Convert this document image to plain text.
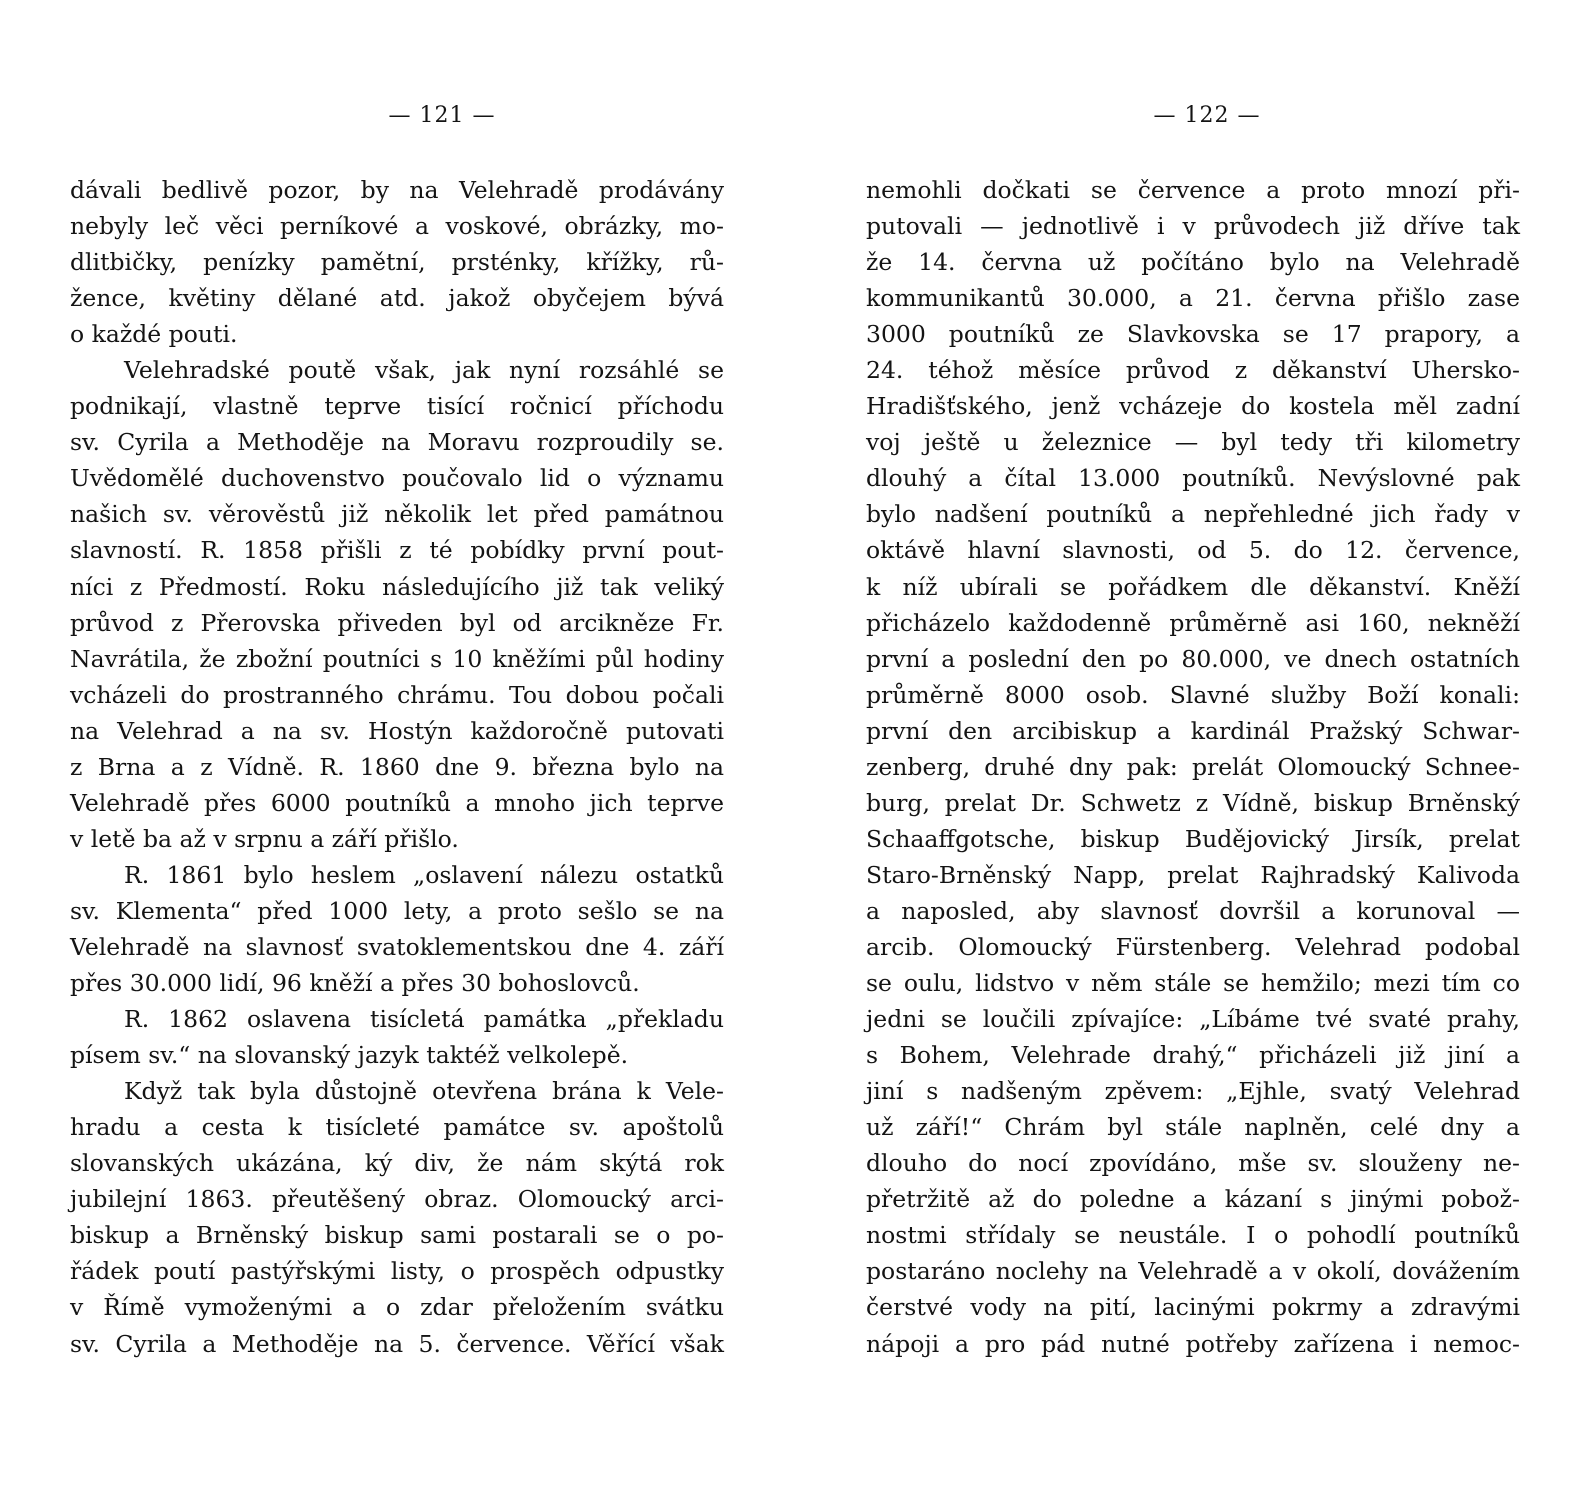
— 121 —
dávali bedlivě pozor, by na Velehradě prodávány
nebyly leč věci perníkové a voskové, obrázky, mo-
dlitbičky, penízky pamětní, prsténky, křížky, rů-
žence, květiny dělané atd. jakož obyčejem bývá
o každé pouti.
Velehradské poutě však, jak nyní rozsáhlé se
podnikají, vlastně teprve tisící ročnicí příchodu
sv. Cyrila a Methoděje na Moravu rozproudily se.
Uvědomělé duchovenstvo poučovalo lid o významu
našich sv. věrověstů již několik let před památnou
slavností. R. 1858 přišli z té pobídky první pout-
níci z Předmostí. Roku následujícího již tak veliký
průvod z Přerovska přiveden byl od arcikněze Fr.
Navrátila, že zbožní poutníci s 10 kněžími půl hodiny
vcházeli do prostranného chrámu. Tou dobou počali
na Velehrad a na sv. Hostýn každoročně putovati
z Brna a z Vídně. R. 1860 dne 9. března bylo na
Velehradě přes 6000 poutníků a mnoho jich teprve
v letě ba až v srpnu a září přišlo.
R. 1861 bylo heslem „oslavení nálezu ostatků
sv. Klementa“ před 1000 lety, a proto sešlo se na
Velehradě na slavnosť svatoklementskou dne 4. září
přes 30.000 lidí, 96 kněží a přes 30 bohoslovců.
R. 1862 oslavena tisícletá památka „překladu
písem sv.“ na slovanský jazyk taktéž velkolepě.
Když tak byla důstojně otevřena brána k Vele-
hradu a cesta k tisícleté památce sv. apoštolů
slovanských ukázána, ký div, že nám skýtá rok
jubilejní 1863. přeutěšený obraz. Olomoucký arci-
biskup a Brněnský biskup sami postarali se o po-
řádek poutí pastýřskými listy, o prospěch odpustky
v Římě vymoženými a o zdar přeložením svátku
sv. Cyrila a Methoděje na 5. července. Věřící však
— 122 —
nemohli dočkati se července a proto mnozí při-
putovali — jednotlivě i v průvodech již dříve tak
že 14. června už počítáno bylo na Velehradě
kommunikantů 30.000, a 21. června přišlo zase
3000 poutníků ze Slavkovska se 17 prapory, a
24. téhož měsíce průvod z děkanství Uhersko-
Hradišťského, jenž vcházeje do kostela měl zadní
voj ještě u železnice — byl tedy tři kilometry
dlouhý a čítal 13.000 poutníků. Nevýslovné pak
bylo nadšení poutníků a nepřehledné jich řady v
oktávě hlavní slavnosti, od 5. do 12. července,
k níž ubírali se pořádkem dle děkanství. Kněží
přicházelo každodenně průměrně asi 160, nekněží
první a poslední den po 80.000, ve dnech ostatních
průměrně 8000 osob. Slavné služby Boží konali:
první den arcibiskup a kardinál Pražský Schwar-
zenberg, druhé dny pak: prelát Olomoucký Schnee-
burg, prelat Dr. Schwetz z Vídně, biskup Brněnský
Schaaffgotsche, biskup Budějovický Jirsík, prelat
Staro-Brněnský Napp, prelat Rajhradský Kalivoda
a naposled, aby slavnosť dovršil a korunoval —
arcib. Olomoucký Fürstenberg. Velehrad podobal
se oulu, lidstvo v něm stále se hemžilo; mezi tím co
jedni se loučili zpívajíce: „Líbáme tvé svaté prahy,
s Bohem, Velehrade drahý,“ přicházeli již jiní a
jiní s nadšeným zpěvem: „Ejhle, svatý Velehrad
už září!“ Chrám byl stále naplněn, celé dny a
dlouho do nocí zpovídáno, mše sv. slouženy ne-
přetržitě až do poledne a kázaní s jinými pobož-
nostmi střídaly se neustále. I o pohodlí poutníků
postaráno noclehy na Velehradě a v okolí, dovážením
čerstvé vody na pití, lacinými pokrmy a zdravými
nápoji a pro pád nutné potřeby zařízena i nemoc-
